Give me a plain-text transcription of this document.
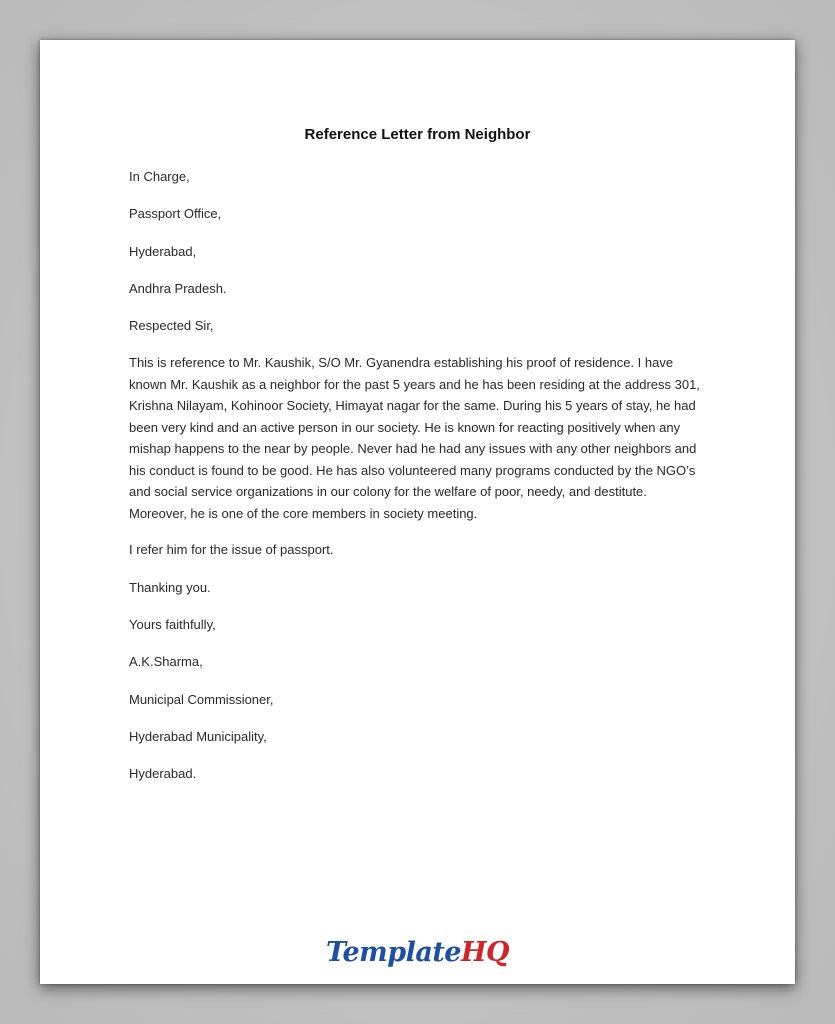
Reference Letter from Neighbor
In Charge,
Passport Office,
Hyderabad,
Andhra Pradesh.
Respected Sir,
This is reference to Mr. Kaushik, S/O Mr. Gyanendra establishing his proof of residence. I have known Mr. Kaushik as a neighbor for the past 5 years and he has been residing at the address 301, Krishna Nilayam, Kohinoor Society, Himayat nagar for the same. During his 5 years of stay, he had been very kind and an active person in our society. He is known for reacting positively when any mishap happens to the near by people. Never had he had any issues with any other neighbors and his conduct is found to be good. He has also volunteered many programs conducted by the NGO’s and social service organizations in our colony for the welfare of poor, needy, and destitute. Moreover, he is one of the core members in society meeting.
I refer him for the issue of passport.
Thanking you.
Yours faithfully,
A.K.Sharma,
Municipal Commissioner,
Hyderabad Municipality,
Hyderabad.
TemplateHQ
